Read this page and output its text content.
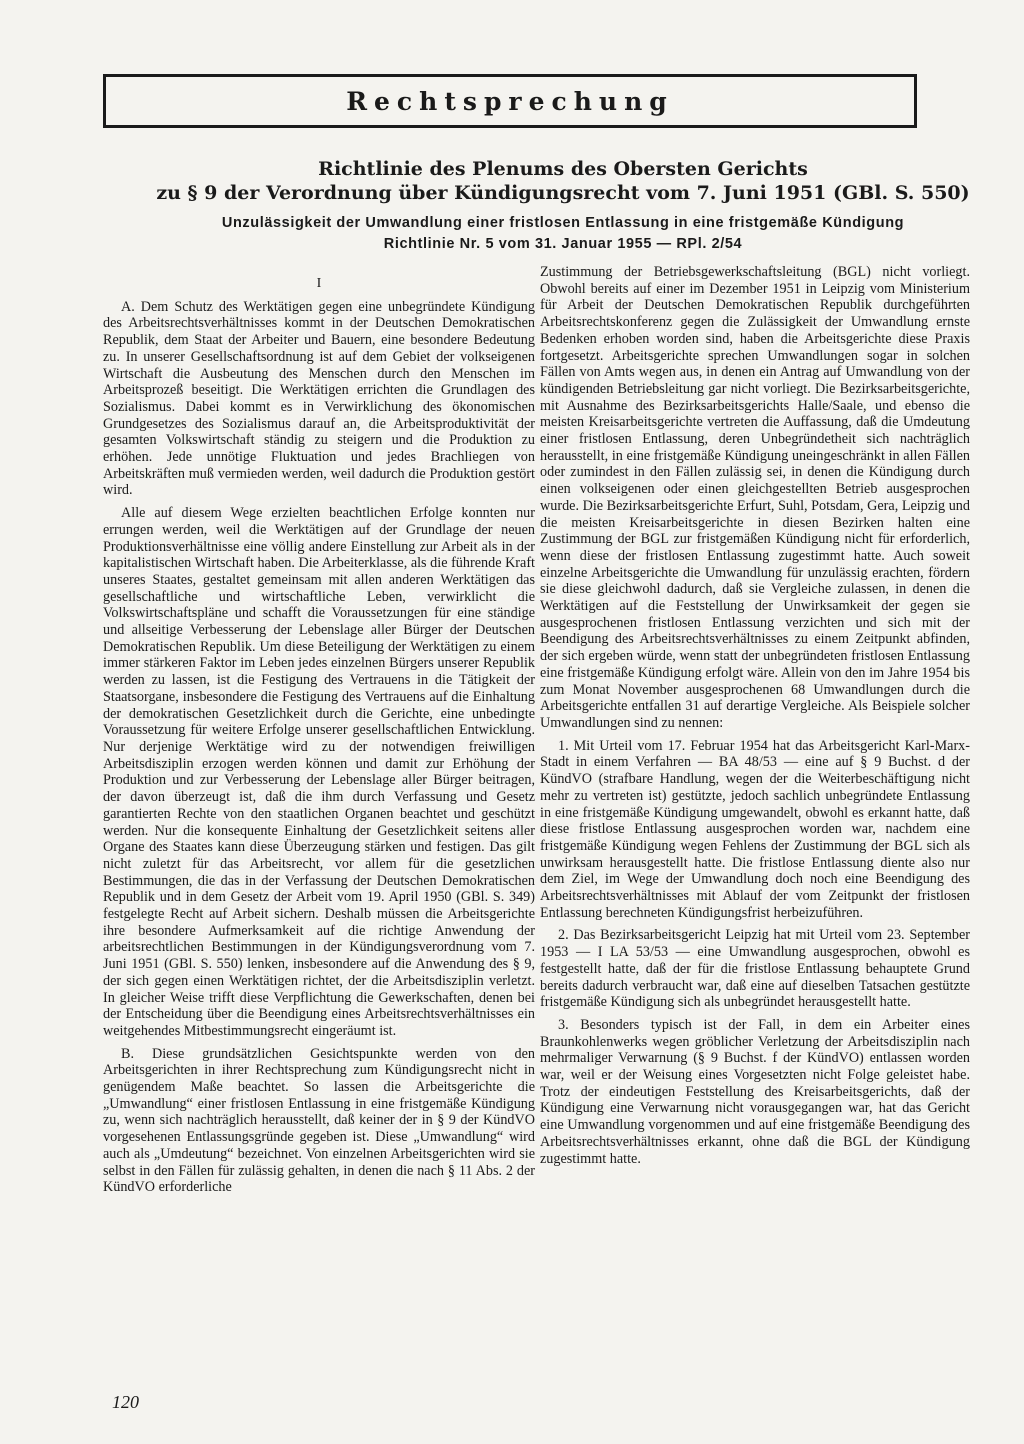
Rechtsprechung
Richtlinie des Plenums des Obersten Gerichts
zu § 9 der Verordnung über Kündigungsrecht vom 7. Juni 1951 (GBl. S. 550)
Unzulässigkeit der Umwandlung einer fristlosen Entlassung in eine fristgemäße Kündigung
Richtlinie Nr. 5 vom 31. Januar 1955 — RPl. 2/54
I

A. Dem Schutz des Werktätigen gegen eine unbegründete Kündigung des Arbeitsrechtsverhältnisses kommt in der Deutschen Demokratischen Republik, dem Staat der Arbeiter und Bauern, eine besondere Bedeutung zu. In unserer Gesellschaftsordnung ist auf dem Gebiet der volkseigenen Wirtschaft die Ausbeutung des Menschen durch den Menschen im Arbeitsprozeß beseitigt. Die Werktätigen errichten die Grundlagen des Sozialismus. Dabei kommt es in Verwirklichung des ökonomischen Grundgesetzes des Sozialismus darauf an, die Arbeitsproduktivität der gesamten Volkswirtschaft ständig zu steigern und die Produktion zu erhöhen. Jede unnötige Fluktuation und jedes Brachliegen von Arbeitskräften muß vermieden werden, weil dadurch die Produktion gestört wird.

Alle auf diesem Wege erzielten beachtlichen Erfolge konnten nur errungen werden, weil die Werktätigen auf der Grundlage der neuen Produktionsverhältnisse eine völlig andere Einstellung zur Arbeit als in der kapitalistischen Wirtschaft haben. Die Arbeiterklasse, als die führende Kraft unseres Staates, gestaltet gemeinsam mit allen anderen Werktätigen das gesellschaftliche und wirtschaftliche Leben, verwirklicht die Volkswirtschaftspläne und schafft die Voraussetzungen für eine ständige und allseitige Verbesserung der Lebenslage aller Bürger der Deutschen Demokratischen Republik. Um diese Beteiligung der Werktätigen zu einem immer stärkeren Faktor im Leben jedes einzelnen Bürgers unserer Republik werden zu lassen, ist die Festigung des Vertrauens in die Tätigkeit der Staatsorgane, insbesondere die Festigung des Vertrauens auf die Einhaltung der demokratischen Gesetzlichkeit durch die Gerichte, eine unbedingte Voraussetzung für weitere Erfolge unserer gesellschaftlichen Entwicklung. Nur derjenige Werktätige wird zu der notwendigen freiwilligen Arbeitsdisziplin erzogen werden können und damit zur Erhöhung der Produktion und zur Verbesserung der Lebenslage aller Bürger beitragen, der davon überzeugt ist, daß die ihm durch Verfassung und Gesetz garantierten Rechte von den staatlichen Organen beachtet und geschützt werden. Nur die konsequente Einhaltung der Gesetzlichkeit seitens aller Organe des Staates kann diese Überzeugung stärken und festigen. Das gilt nicht zuletzt für das Arbeitsrecht, vor allem für die gesetzlichen Bestimmungen, die das in der Verfassung der Deutschen Demokratischen Republik und in dem Gesetz der Arbeit vom 19. April 1950 (GBl. S. 349) festgelegte Recht auf Arbeit sichern. Deshalb müssen die Arbeitsgerichte ihre besondere Aufmerksamkeit auf die richtige Anwendung der arbeitsrechtlichen Bestimmungen in der Kündigungsverordnung vom 7. Juni 1951 (GBl. S. 550) lenken, insbesondere auf die Anwendung des § 9, der sich gegen einen Werktätigen richtet, der die Arbeitsdisziplin verletzt. In gleicher Weise trifft diese Verpflichtung die Gewerkschaften, denen bei der Entscheidung über die Beendigung eines Arbeitsrechtsverhältnisses ein weitgehendes Mitbestimmungsrecht eingeräumt ist.

B. Diese grundsätzlichen Gesichtspunkte werden von den Arbeitsgerichten in ihrer Rechtsprechung zum Kündigungsrecht nicht in genügendem Maße beachtet. So lassen die Arbeitsgerichte die „Umwandlung“ einer fristlosen Entlassung in eine fristgemäße Kündigung zu, wenn sich nachträglich herausstellt, daß keiner der in § 9 der KündVO vorgesehenen Entlassungsgründe gegeben ist. Diese „Umwandlung“ wird auch als „Umdeutung“ bezeichnet. Von einzelnen Arbeitsgerichten wird sie selbst in den Fällen für zulässig gehalten, in denen die nach § 11 Abs. 2 der KündVO erforderliche

Zustimmung der Betriebsgewerkschaftsleitung (BGL) nicht vorliegt. Obwohl bereits auf einer im Dezember 1951 in Leipzig vom Ministerium für Arbeit der Deutschen Demokratischen Republik durchgeführten Arbeitsrechtskonferenz gegen die Zulässigkeit der Umwandlung ernste Bedenken erhoben worden sind, haben die Arbeitsgerichte diese Praxis fortgesetzt. Arbeitsgerichte sprechen Umwandlungen sogar in solchen Fällen von Amts wegen aus, in denen ein Antrag auf Umwandlung von der kündigenden Betriebsleitung gar nicht vorliegt. Die Bezirksarbeitsgerichte, mit Ausnahme des Bezirksarbeitsgerichts Halle/Saale, und ebenso die meisten Kreisarbeitsgerichte vertreten die Auffassung, daß die Umdeutung einer fristlosen Entlassung, deren Unbegründetheit sich nachträglich herausstellt, in eine fristgemäße Kündigung uneingeschränkt in allen Fällen oder zumindest in den Fällen zulässig sei, in denen die Kündigung durch einen volkseigenen oder einen gleichgestellten Betrieb ausgesprochen wurde. Die Bezirksarbeitsgerichte Erfurt, Suhl, Potsdam, Gera, Leipzig und die meisten Kreisarbeitsgerichte in diesen Bezirken halten eine Zustimmung der BGL zur fristgemäßen Kündigung nicht für erforderlich, wenn diese der fristlosen Entlassung zugestimmt hatte. Auch soweit einzelne Arbeitsgerichte die Umwandlung für unzulässig erachten, fördern sie diese gleichwohl dadurch, daß sie Vergleiche zulassen, in denen die Werktätigen auf die Feststellung der Unwirksamkeit der gegen sie ausgesprochenen fristlosen Entlassung verzichten und sich mit der Beendigung des Arbeitsrechtsverhältnisses zu einem Zeitpunkt abfinden, der sich ergeben würde, wenn statt der unbegründeten fristlosen Entlassung eine fristgemäße Kündigung erfolgt wäre. Allein von den im Jahre 1954 bis zum Monat November ausgesprochenen 68 Umwandlungen durch die Arbeitsgerichte entfallen 31 auf derartige Vergleiche. Als Beispiele solcher Umwandlungen sind zu nennen:

1. Mit Urteil vom 17. Februar 1954 hat das Arbeitsgericht Karl-Marx-Stadt in einem Verfahren — BA 48/53 — eine auf § 9 Buchst. d der KündVO (strafbare Handlung, wegen der die Weiterbeschäftigung nicht mehr zu vertreten ist) gestützte, jedoch sachlich unbegründete Entlassung in eine fristgemäße Kündigung umgewandelt, obwohl es erkannt hatte, daß diese fristlose Entlassung ausgesprochen worden war, nachdem eine fristgemäße Kündigung wegen Fehlens der Zustimmung der BGL sich als unwirksam herausgestellt hatte. Die fristlose Entlassung diente also nur dem Ziel, im Wege der Umwandlung doch noch eine Beendigung des Arbeitsrechtsverhältnisses mit Ablauf der vom Zeitpunkt der fristlosen Entlassung berechneten Kündigungsfrist herbeizuführen.

2. Das Bezirksarbeitsgericht Leipzig hat mit Urteil vom 23. September 1953 — I LA 53/53 — eine Umwandlung ausgesprochen, obwohl es festgestellt hatte, daß der für die fristlose Entlassung behauptete Grund bereits dadurch verbraucht war, daß eine auf dieselben Tatsachen gestützte fristgemäße Kündigung sich als unbegründet herausgestellt hatte.

3. Besonders typisch ist der Fall, in dem ein Arbeiter eines Braunkohlenwerks wegen gröblicher Verletzung der Arbeitsdisziplin nach mehrmaliger Verwarnung (§ 9 Buchst. f der KündVO) entlassen worden war, weil er der Weisung eines Vorgesetzten nicht Folge geleistet habe. Trotz der eindeutigen Feststellung des Kreisarbeitsgerichts, daß der Kündigung eine Verwarnung nicht vorausgegangen war, hat das Gericht eine Umwandlung vorgenommen und auf eine fristgemäße Beendigung des Arbeitsrechtsverhältnisses erkannt, ohne daß die BGL der Kündigung zugestimmt hatte.

120
